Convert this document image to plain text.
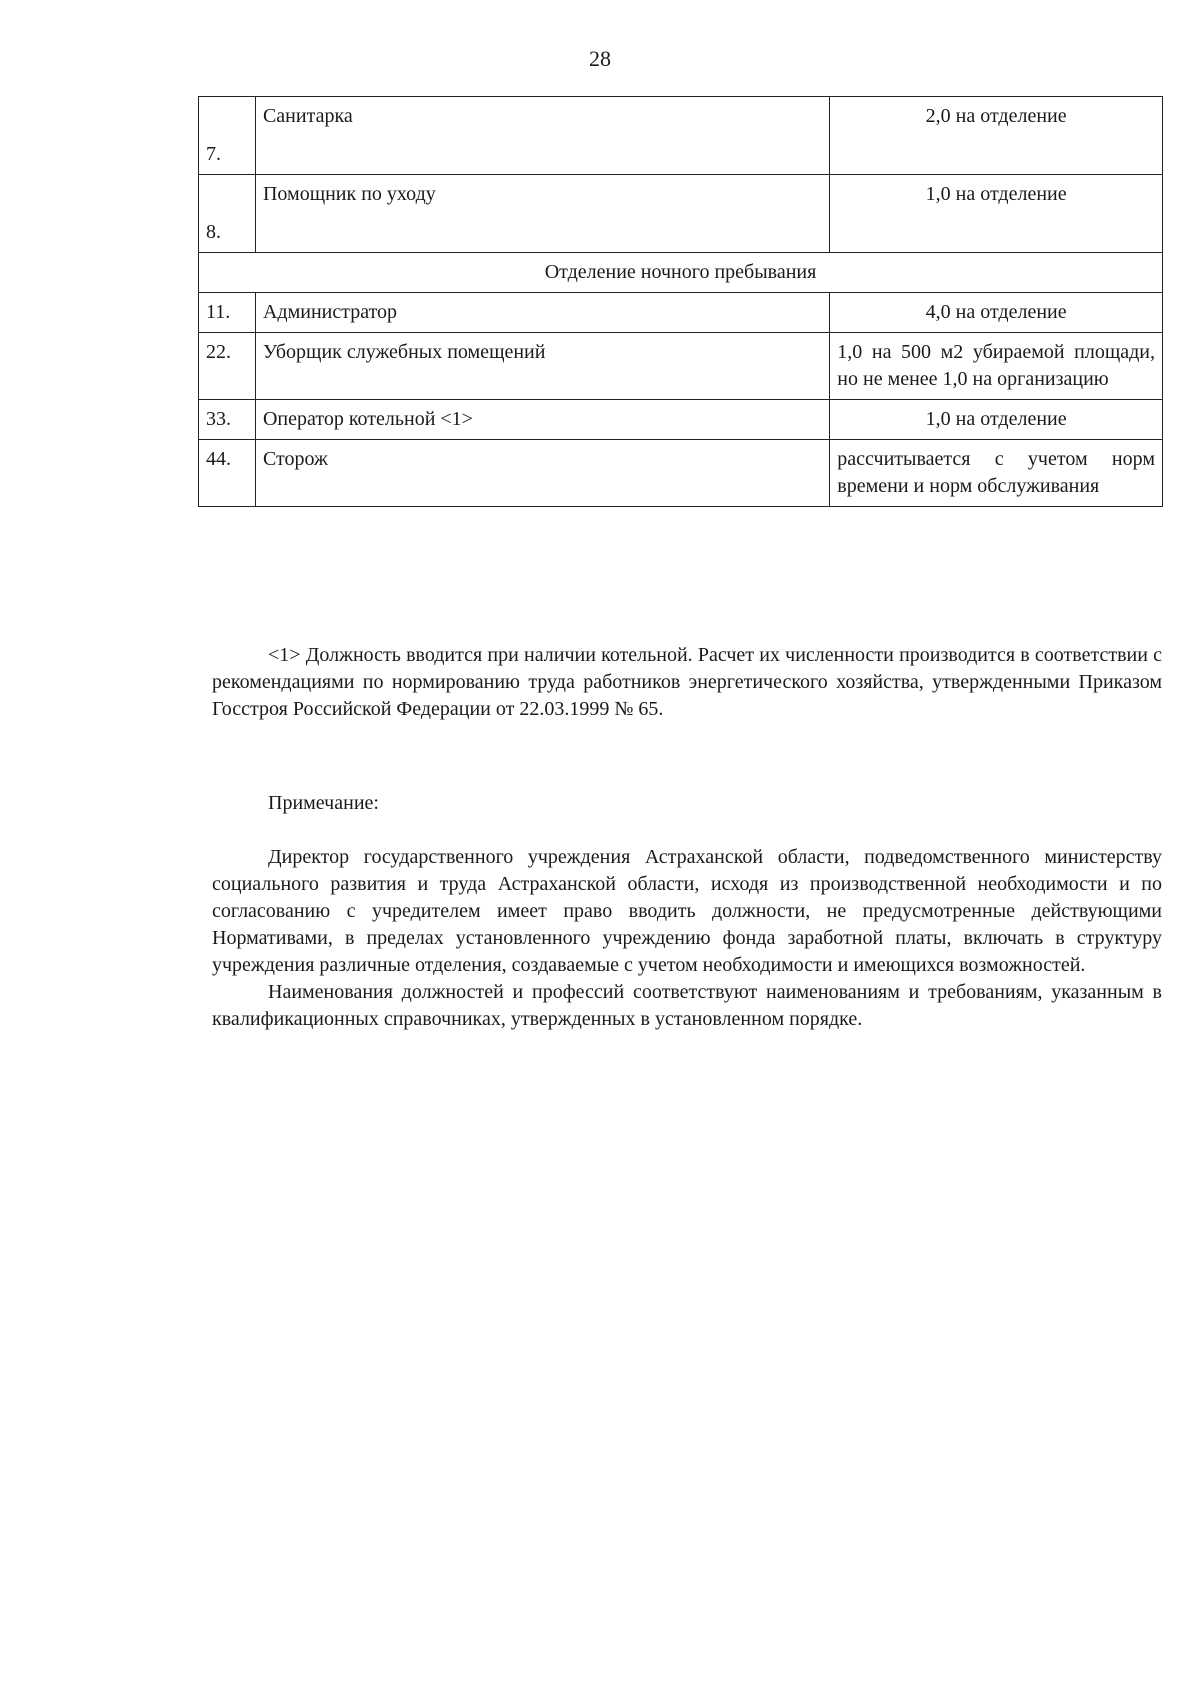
28
7.	Санитарка	2,0 на отделение
8.	Помощник по уходу	1,0 на отделение
Отделение ночного пребывания		
11.	Администратор	4,0 на отделение
22.	Уборщик служебных помещений	1,0 на 500 м2 убираемой площади, но не менее 1,0 на организацию
33.	Оператор котельной <1>	1,0 на отделение
44.	Сторож	рассчитывается с учетом норм времени и норм обслуживания

<1> Должность вводится при наличии котельной. Расчет их численности производится в соответствии с рекомендациями по нормированию труда работников энергетического хозяйства, утвержденными Приказом Госстроя Российской Федерации от 22.03.1999 № 65.

Примечание:

Директор государственного учреждения Астраханской области, подведомственного министерству социального развития и труда Астраханской области, исходя из производственной необходимости и по согласованию с учредителем имеет право вводить должности, не предусмотренные действующими Нормативами, в пределах установленного учреждению фонда заработной платы, включать в структуру учреждения различные отделения, создаваемые с учетом необходимости и имеющихся возможностей.

Наименования должностей и профессий соответствуют наименованиям и требованиям, указанным в квалификационных справочниках, утвержденных в установленном порядке.
